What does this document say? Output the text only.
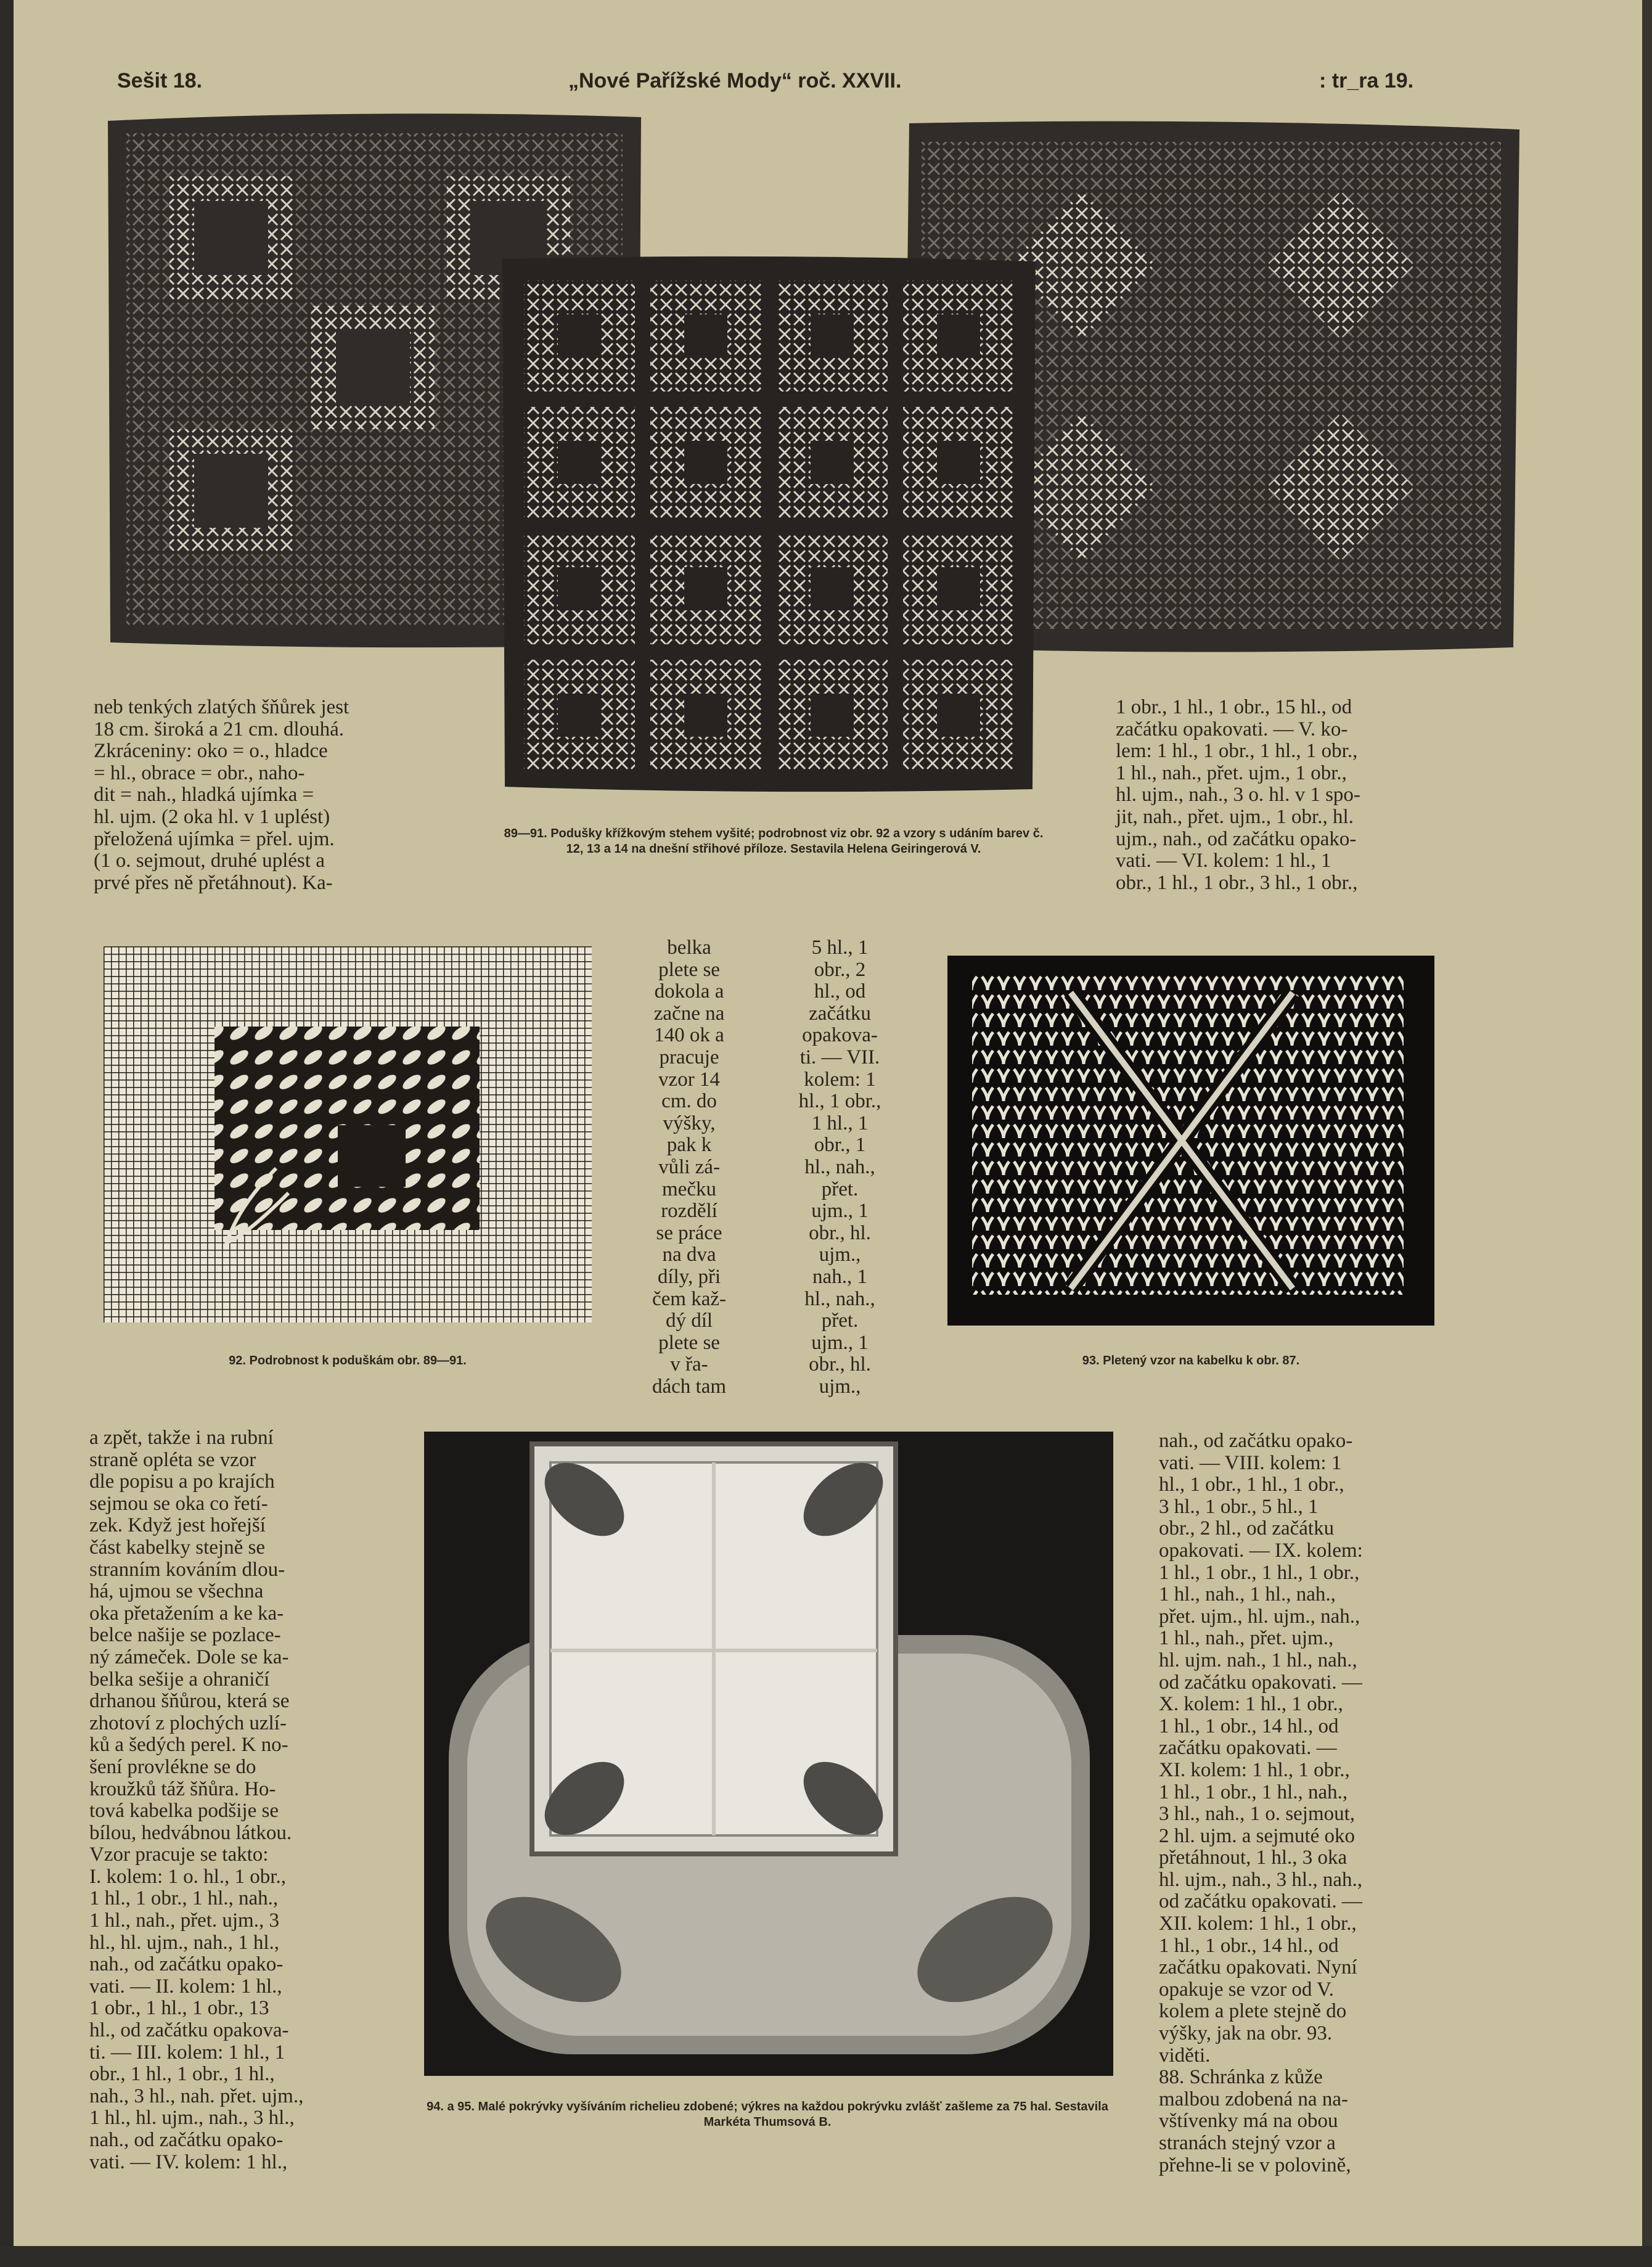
Sešit 18.	„Nové Pařížské Mody“ roč. XXVII.	: tr_ra 19.

neb tenkých zlatých šňůrek jest
18 cm. široká a 21 cm. dlouhá.
Zkráceniny: oko = o., hladce
= hl., obrace = obr., naho-
dit = nah., hladká ujímka =
hl. ujm. (2 oka hl. v 1 uplést)
přeložená ujímka = přel. ujm.
(1 o. sejmout, druhé uplést a
prvé přes ně přetáhnout). Ka-

89—91. Podušky křížkovým stehem vyšité; podrobnost viz obr. 92 a vzory s udáním barev č. 12, 13 a 14 na dnešní střihové příloze. Sestavila Helena Geiringerová V.

1 obr., 1 hl., 1 obr., 15 hl., od
začátku opakovati. — V. ko-
lem: 1 hl., 1 obr., 1 hl., 1 obr.,
1 hl., nah., přet. ujm., 1 obr.,
hl. ujm., nah., 3 o. hl. v 1 spo-
jit, nah., přet. ujm., 1 obr., hl.
ujm., nah., od začátku opako-
vati. — VI. kolem: 1 hl., 1
obr., 1 hl., 1 obr., 3 hl., 1 obr.,

92. Podrobnost k poduškám obr. 89—91.

belka
plete se
dokola a
začne na
140 ok a
pracuje
vzor 14
cm. do
výšky,
pak k
vůli zá-
mečku
rozdělí
se práce
na dva
díly, při
čem kaž-
dý díl
plete se
v řa-
dách tam

5 hl., 1
obr., 2
hl., od
začátku
opakova-
ti. — VII.
kolem: 1
hl., 1 obr.,
1 hl., 1
obr., 1
hl., nah.,
přet.
ujm., 1
obr., hl.
ujm.,
nah., 1
hl., nah.,
přet.
ujm., 1
obr., hl.
ujm.,

93. Pletený vzor na kabelku k obr. 87.

a zpět, takže i na rubní
straně opléta se vzor
dle popisu a po krajích
sejmou se oka co řetí-
zek. Když jest hořejší
část kabelky stejně se
stranním kováním dlou-
há, ujmou se všechna
oka přetažením a ke ka-
belce našije se pozlace-
ný zámeček. Dole se ka-
belka sešije a ohraničí
drhanou šňůrou, která se
zhotoví z plochých uzlí-
ků a šedých perel. K no-
šení provlékne se do
kroužků táž šňůra. Ho-
tová kabelka podšije se
bílou, hedvábnou látkou.
Vzor pracuje se takto:
I. kolem: 1 o. hl., 1 obr.,
1 hl., 1 obr., 1 hl., nah.,
1 hl., nah., přet. ujm., 3
hl., hl. ujm., nah., 1 hl.,
nah., od začátku opako-
vati. — II. kolem: 1 hl.,
1 obr., 1 hl., 1 obr., 13
hl., od začátku opakova-
ti. — III. kolem: 1 hl., 1
obr., 1 hl., 1 obr., 1 hl.,
nah., 3 hl., nah. přet. ujm.,
1 hl., hl. ujm., nah., 3 hl.,
nah., od začátku opako-
vati. — IV. kolem: 1 hl.,

94. a 95. Malé pokrývky vyšíváním richelieu zdobené; výkres na každou pokrývku zvlášť zašleme za 75 hal. Sestavila Markéta Thumsová B.

nah., od začátku opako-
vati. — VIII. kolem: 1
hl., 1 obr., 1 hl., 1 obr.,
3 hl., 1 obr., 5 hl., 1
obr., 2 hl., od začátku
opakovati. — IX. kolem:
1 hl., 1 obr., 1 hl., 1 obr.,
1 hl., nah., 1 hl., nah.,
přet. ujm., hl. ujm., nah.,
1 hl., nah., přet. ujm.,
hl. ujm. nah., 1 hl., nah.,
od začátku opakovati. —
X. kolem: 1 hl., 1 obr.,
1 hl., 1 obr., 14 hl., od
začátku opakovati. —
XI. kolem: 1 hl., 1 obr.,
1 hl., 1 obr., 1 hl., nah.,
3 hl., nah., 1 o. sejmout,
2 hl. ujm. a sejmuté oko
přetáhnout, 1 hl., 3 oka
hl. ujm., nah., 3 hl., nah.,
od začátku opakovati. —
XII. kolem: 1 hl., 1 obr.,
1 hl., 1 obr., 14 hl., od
začátku opakovati. Nyní
opakuje se vzor od V.
kolem a plete stejně do
výšky, jak na obr. 93.
viděti.
88. Schránka z kůže
malbou zdobená na na-
vštívenky má na obou
stranách stejný vzor a
přehne-li se v polovině,
